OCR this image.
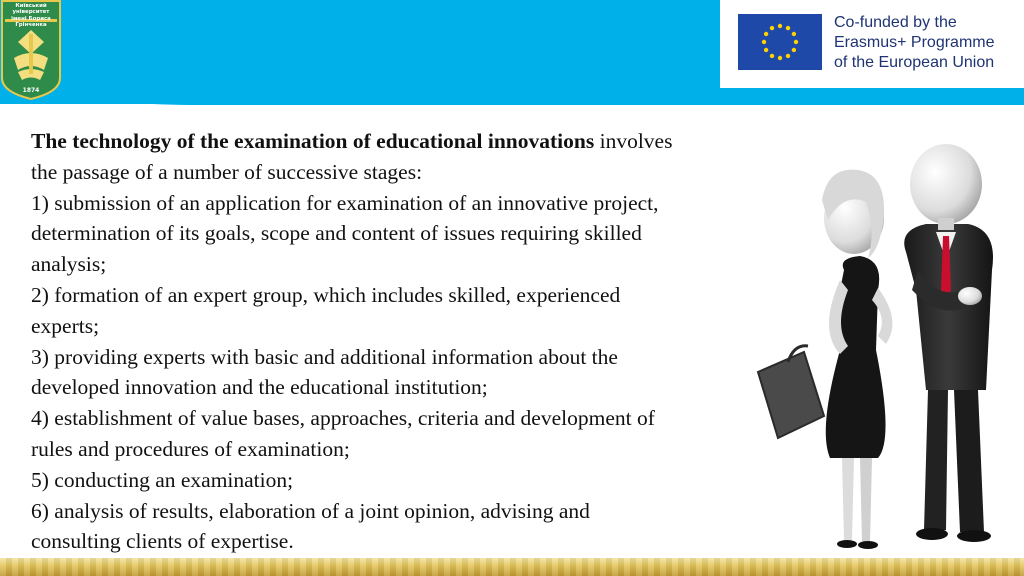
Київський університет
імені Бориса Грінченка
1874
Co-funded by the
Erasmus+ Programme
of the European Union
The technology of the examination of educational innovations involves
the passage of a number of successive stages:
1) submission of an application for examination of an innovative project,
determination of its goals, scope and content of issues requiring skilled
analysis;
2) formation of an expert group, which includes skilled, experienced
experts;
3) providing experts with basic and additional information about the
developed innovation and the educational institution;
4) establishment of value bases, approaches, criteria and development of
rules and procedures of examination;
5) conducting an examination;
6) analysis of results, elaboration of a joint opinion, advising and
consulting clients of expertise.
